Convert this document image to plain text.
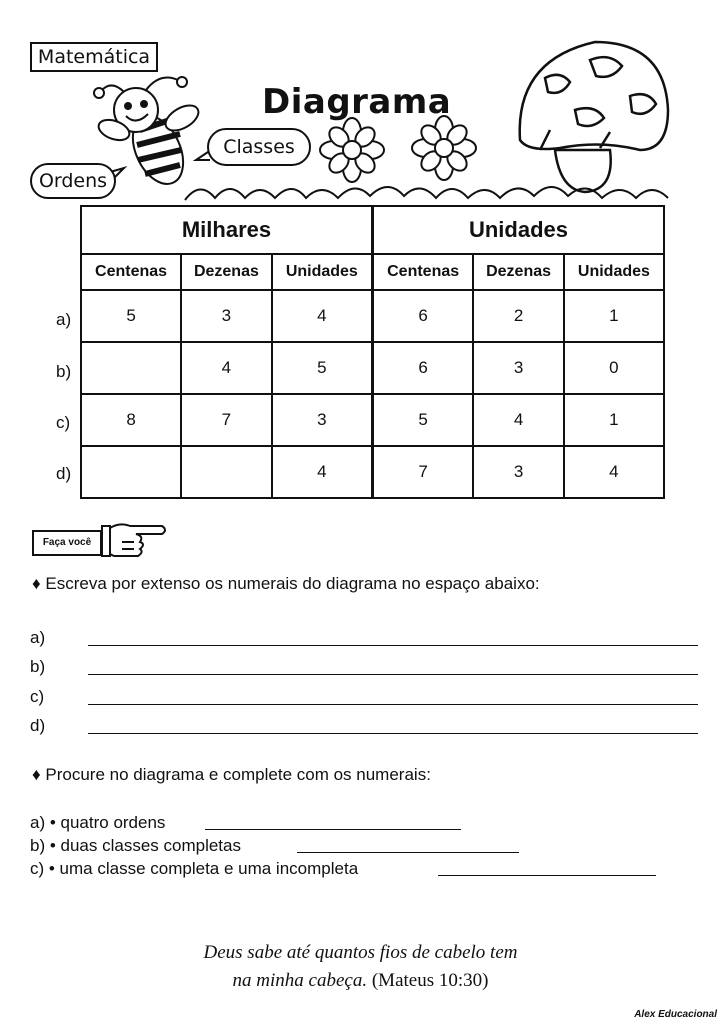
Matemática
Diagrama
Classes
Ordens
Milhares			Unidades		
Centenas	Dezenas	Unidades	Centenas	Dezenas	Unidades
5	3	4	6	2	1
	4	5	6	3	0
8	7	3	5	4	1
		4	7	3	4
a)
b)
c)
d)
Faça você
♦ Escreva por extenso os numerais do diagrama no espaço abaixo:
a)
b)
c)
d)
♦ Procure no diagrama e complete com os numerais:
a) • quatro ordens
b) • duas classes completas
c) • uma classe completa e uma incompleta
Deus sabe até quantos fios de cabelo tem
na minha cabeça. (Mateus 10:30)
Alex Educacional
